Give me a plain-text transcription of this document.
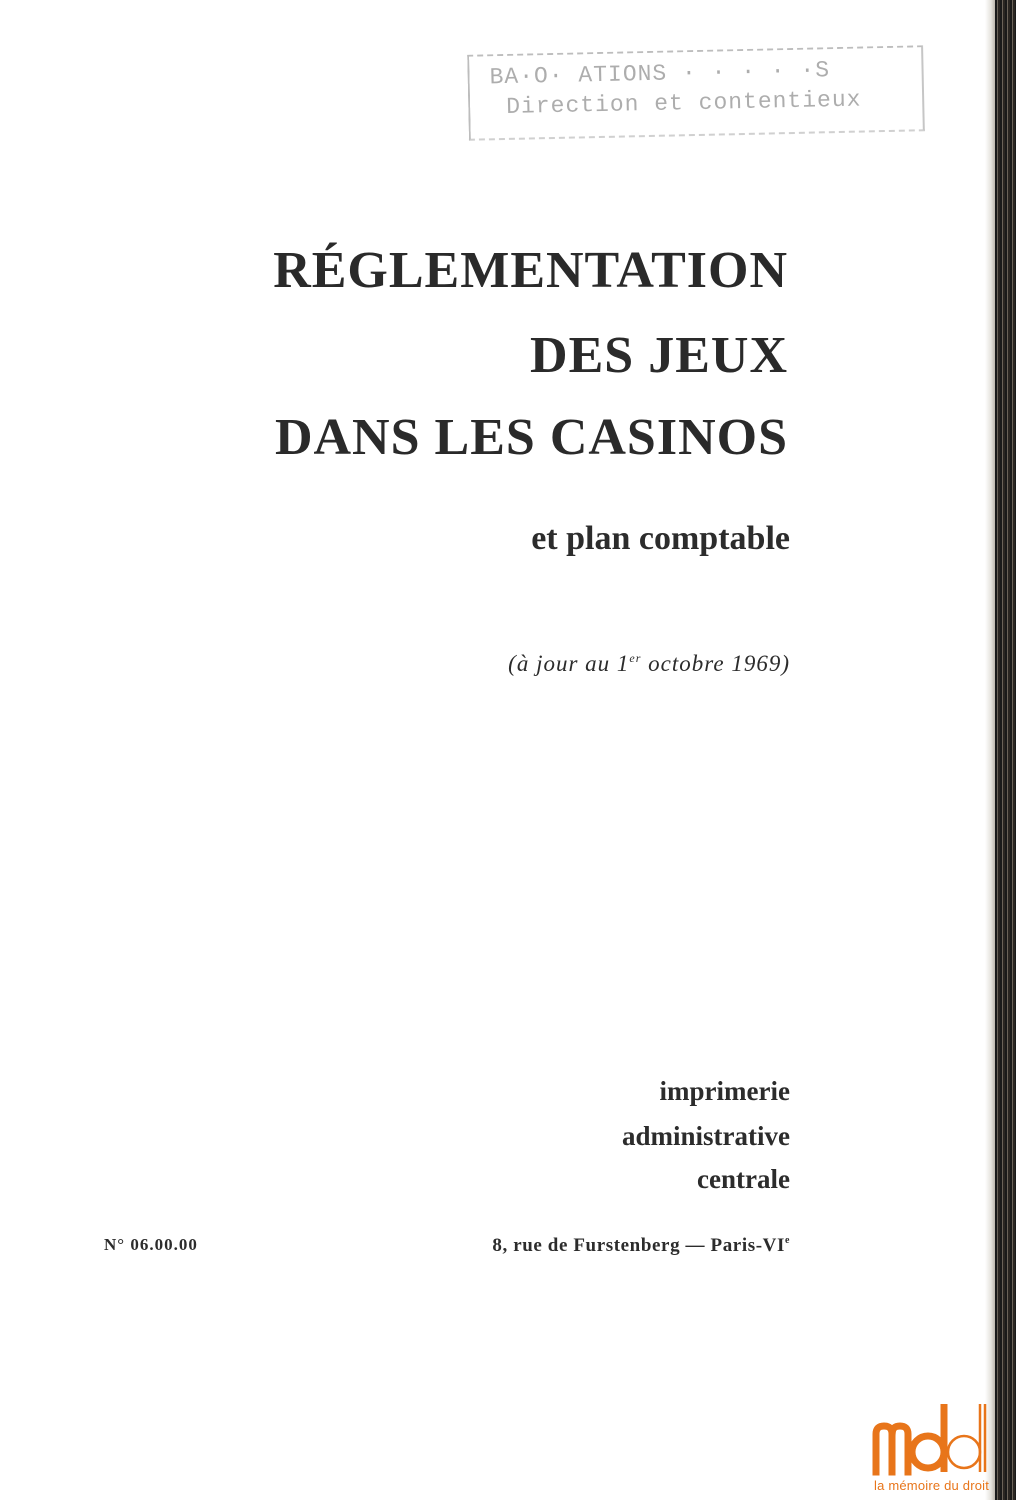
BA·O· ATIONS · · · · ·S
Direction et contentieux
RÉGLEMENTATION
DES JEUX
DANS LES CASINOS
et plan comptable
(à jour au 1er octobre 1969)
imprimerie
administrative
centrale
N° 06.00.00	8, rue de Furstenberg — Paris-VIe
la mémoire du droit
